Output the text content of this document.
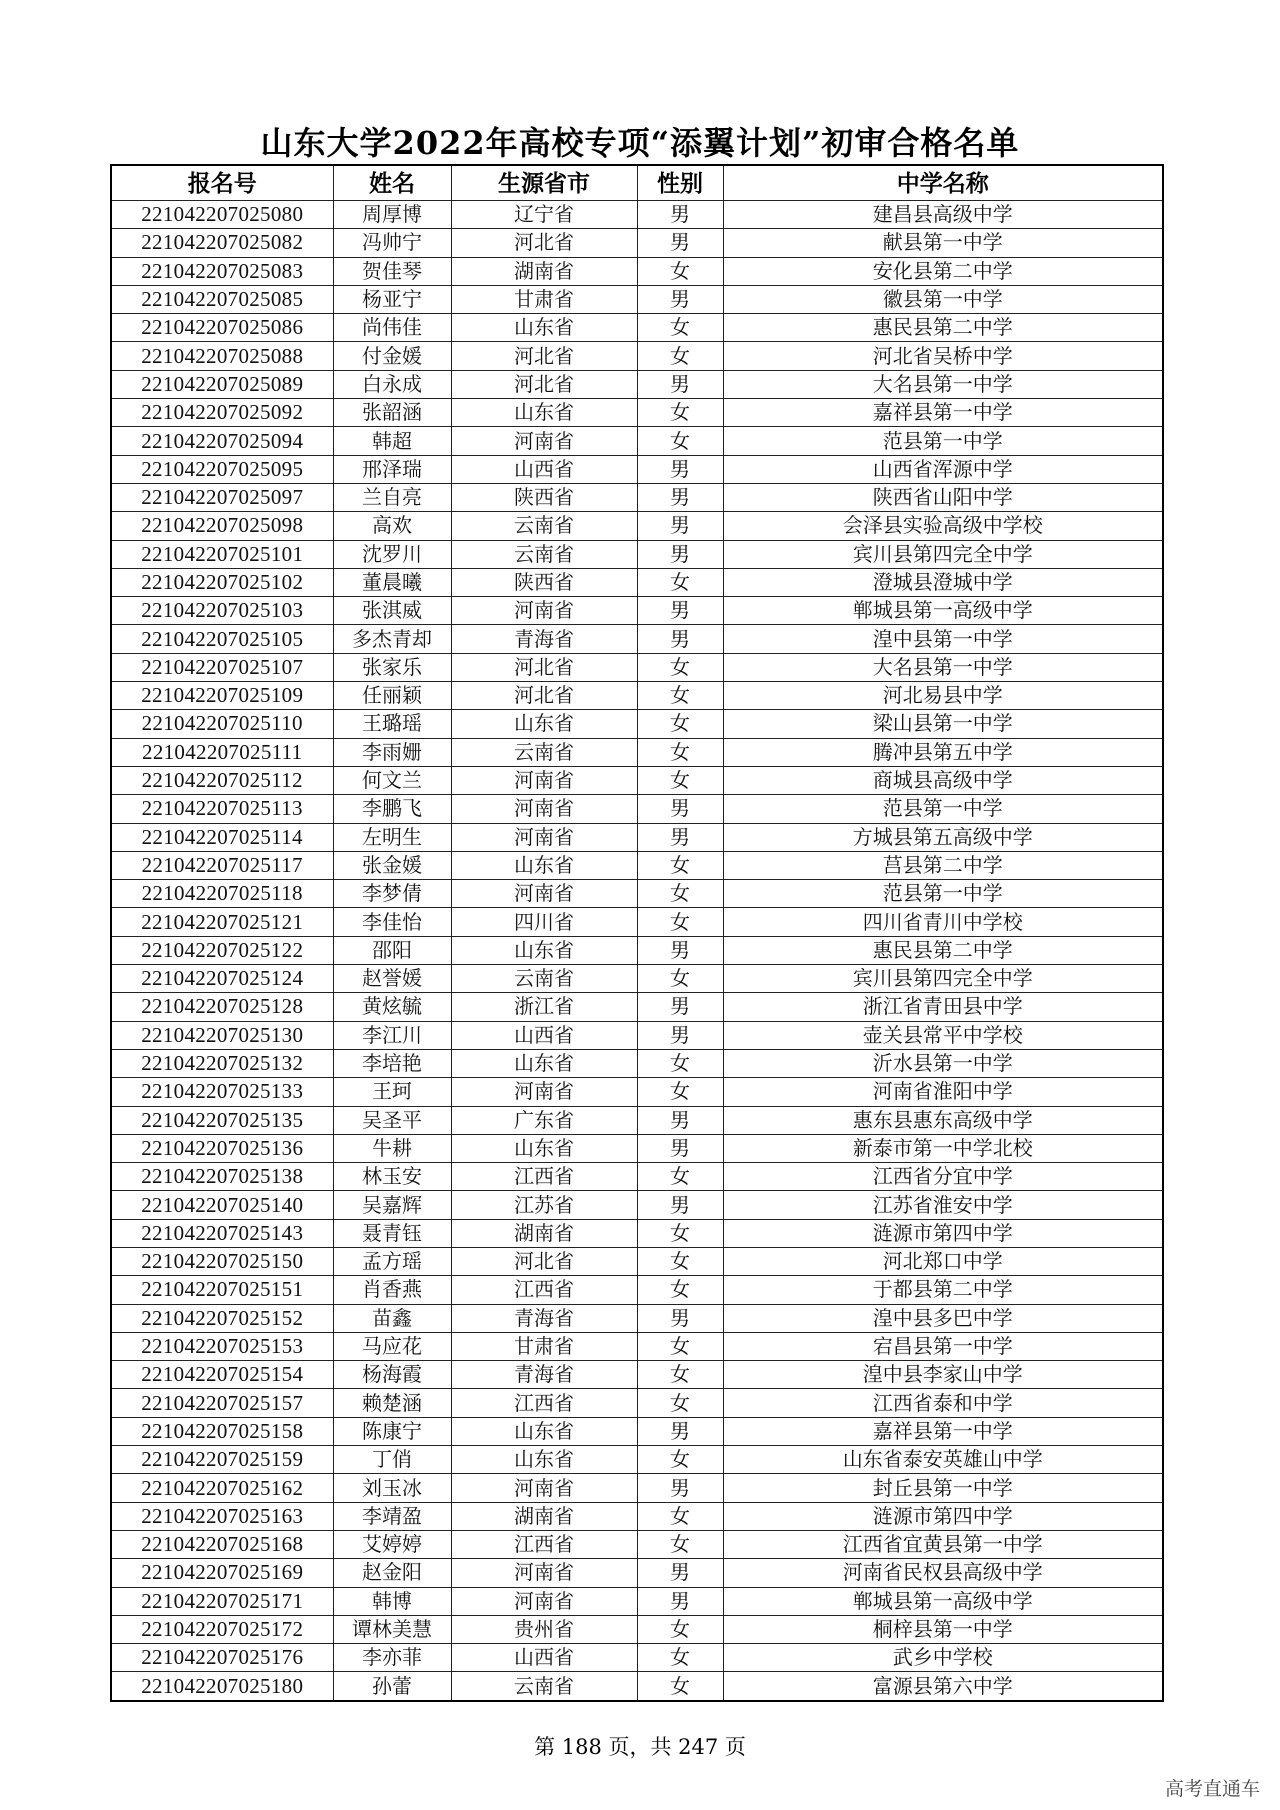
山东大学2022年高校专项“添翼计划”初审合格名单
报名号	姓名	生源省市	性别	中学名称
221042207025080	周厚博	辽宁省	男	建昌县高级中学
221042207025082	冯帅宁	河北省	男	献县第一中学
221042207025083	贺佳琴	湖南省	女	安化县第二中学
221042207025085	杨亚宁	甘肃省	男	徽县第一中学
221042207025086	尚伟佳	山东省	女	惠民县第二中学
221042207025088	付金媛	河北省	女	河北省吴桥中学
221042207025089	白永成	河北省	男	大名县第一中学
221042207025092	张韶涵	山东省	女	嘉祥县第一中学
221042207025094	韩超	河南省	女	范县第一中学
221042207025095	邢泽瑞	山西省	男	山西省浑源中学
221042207025097	兰自亮	陕西省	男	陕西省山阳中学
221042207025098	高欢	云南省	男	会泽县实验高级中学校
221042207025101	沈罗川	云南省	男	宾川县第四完全中学
221042207025102	董晨曦	陕西省	女	澄城县澄城中学
221042207025103	张淇威	河南省	男	郸城县第一高级中学
221042207025105	多杰青却	青海省	男	湟中县第一中学
221042207025107	张家乐	河北省	女	大名县第一中学
221042207025109	任丽颖	河北省	女	河北易县中学
221042207025110	王璐瑶	山东省	女	梁山县第一中学
221042207025111	李雨姗	云南省	女	腾冲县第五中学
221042207025112	何文兰	河南省	女	商城县高级中学
221042207025113	李鹏飞	河南省	男	范县第一中学
221042207025114	左明生	河南省	男	方城县第五高级中学
221042207025117	张金媛	山东省	女	莒县第二中学
221042207025118	李梦倩	河南省	女	范县第一中学
221042207025121	李佳怡	四川省	女	四川省青川中学校
221042207025122	邵阳	山东省	男	惠民县第二中学
221042207025124	赵誉媛	云南省	女	宾川县第四完全中学
221042207025128	黄炫毓	浙江省	男	浙江省青田县中学
221042207025130	李江川	山西省	男	壶关县常平中学校
221042207025132	李培艳	山东省	女	沂水县第一中学
221042207025133	王珂	河南省	女	河南省淮阳中学
221042207025135	吴圣平	广东省	男	惠东县惠东高级中学
221042207025136	牛耕	山东省	男	新泰市第一中学北校
221042207025138	林玉安	江西省	女	江西省分宜中学
221042207025140	吴嘉辉	江苏省	男	江苏省淮安中学
221042207025143	聂青钰	湖南省	女	涟源市第四中学
221042207025150	孟方瑶	河北省	女	河北郑口中学
221042207025151	肖香燕	江西省	女	于都县第二中学
221042207025152	苗鑫	青海省	男	湟中县多巴中学
221042207025153	马应花	甘肃省	女	宕昌县第一中学
221042207025154	杨海霞	青海省	女	湟中县李家山中学
221042207025157	赖楚涵	江西省	女	江西省泰和中学
221042207025158	陈康宁	山东省	男	嘉祥县第一中学
221042207025159	丁俏	山东省	女	山东省泰安英雄山中学
221042207025162	刘玉冰	河南省	男	封丘县第一中学
221042207025163	李靖盈	湖南省	女	涟源市第四中学
221042207025168	艾婷婷	江西省	女	江西省宜黄县第一中学
221042207025169	赵金阳	河南省	男	河南省民权县高级中学
221042207025171	韩博	河南省	男	郸城县第一高级中学
221042207025172	谭林美慧	贵州省	女	桐梓县第一中学
221042207025176	李亦菲	山西省	女	武乡中学校
221042207025180	孙蕾	云南省	女	富源县第六中学
第 188 页，共 247 页
高考直通车
